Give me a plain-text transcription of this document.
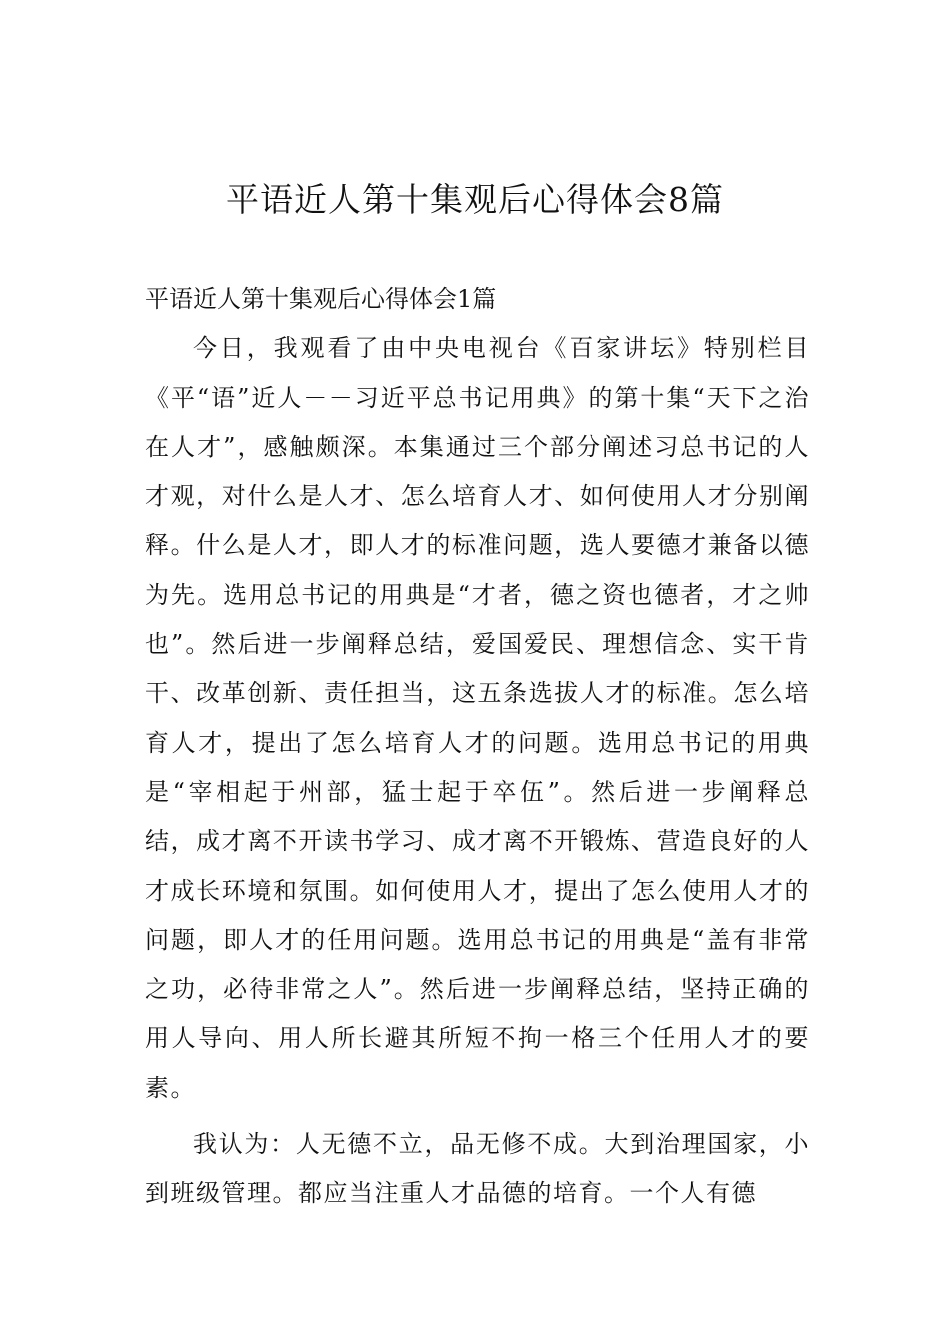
平语近人第十集观后心得体会8篇
平语近人第十集观后心得体会1篇

今日，我观看了由中央电视台《百家讲坛》特别栏目《平“语”近人－－习近平总书记用典》的第十集“天下之治在人才”，感触颇深。本集通过三个部分阐述习总书记的人才观，对什么是人才、怎么培育人才、如何使用人才分别阐释。什么是人才，即人才的标准问题，选人要德才兼备以德为先。选用总书记的用典是“才者，德之资也德者，才之帅也”。然后进一步阐释总结，爱国爱民、理想信念、实干肯干、改革创新、责任担当，这五条选拔人才的标准。怎么培育人才，提出了怎么培育人才的问题。选用总书记的用典是“宰相起于州部，猛士起于卒伍”。然后进一步阐释总结，成才离不开读书学习、成才离不开锻炼、营造良好的人才成长环境和氛围。如何使用人才，提出了怎么使用人才的问题，即人才的任用问题。选用总书记的用典是“盖有非常之功，必待非常之人”。然后进一步阐释总结，坚持正确的用人导向、用人所长避其所短不拘一格三个任用人才的要素。

我认为：人无德不立，品无修不成。大到治理国家，小到班级管理。都应当注重人才品德的培育。一个人有德
